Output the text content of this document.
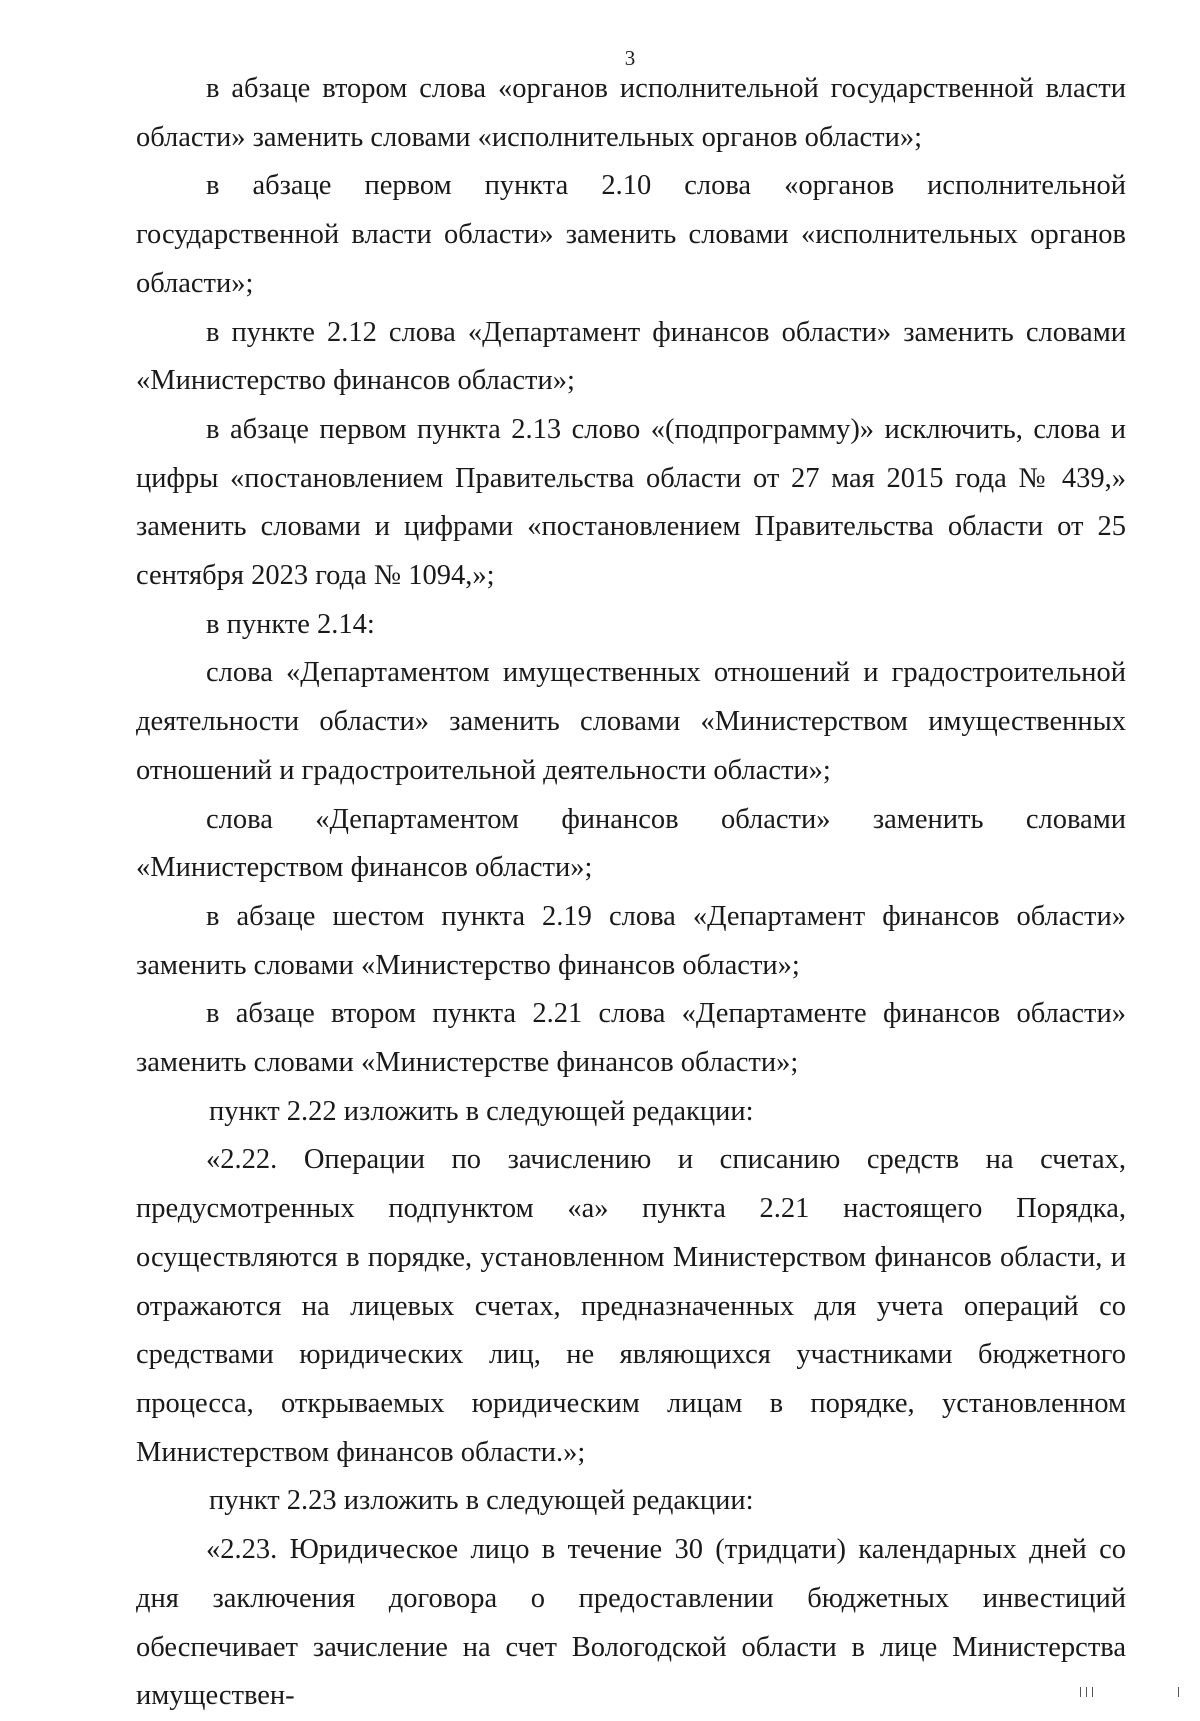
3

в абзаце втором слова «органов исполнительной государственной власти области» заменить словами «исполнительных органов области»;

в абзаце первом пункта 2.10 слова «органов исполнительной государственной власти области» заменить словами «исполнительных органов области»;

в пункте 2.12 слова «Департамент финансов области» заменить словами «Министерство финансов области»;

в абзаце первом пункта 2.13 слово «(подпрограмму)» исключить, слова и цифры «постановлением Правительства области от 27 мая 2015 года № 439,» заменить словами и цифрами «постановлением Правительства области от 25 сентября 2023 года № 1094,»;

в пункте 2.14:

слова «Департаментом имущественных отношений и градостроительной деятельности области» заменить словами «Министерством имущественных отношений и градостроительной деятельности области»;

слова «Департаментом финансов области» заменить словами «Министерством финансов области»;

в абзаце шестом пункта 2.19 слова «Департамент финансов области» заменить словами «Министерство финансов области»;

в абзаце втором пункта 2.21 слова «Департаменте финансов области» заменить словами «Министерстве финансов области»;

пункт 2.22 изложить в следующей редакции:

«2.22. Операции по зачислению и списанию средств на счетах, предусмотренных подпунктом «а» пункта 2.21 настоящего Порядка, осуществляются в порядке, установленном Министерством финансов области, и отражаются на лицевых счетах, предназначенных для учета операций со средствами юридических лиц, не являющихся участниками бюджетного процесса, открываемых юридическим лицам в порядке, установленном Министерством финансов области.»;

пункт 2.23 изложить в следующей редакции:

«2.23. Юридическое лицо в течение 30 (тридцати) календарных дней со дня заключения договора о предоставлении бюджетных инвестиций обеспечивает зачисление на счет Вологодской области в лице Министерства имуществен-
